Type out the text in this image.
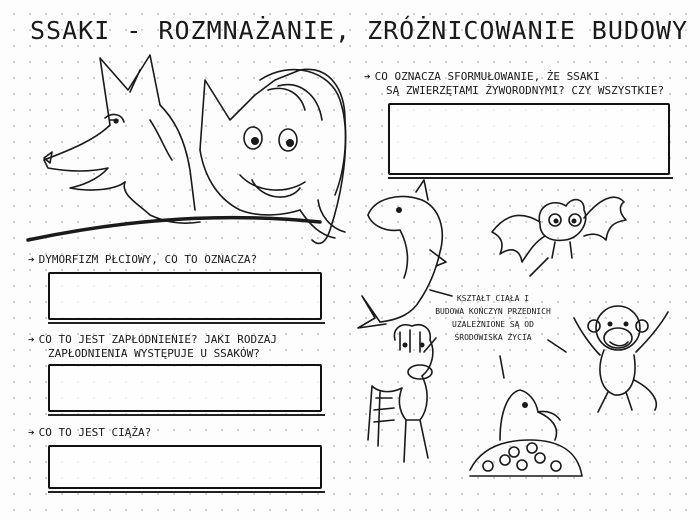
SSAKI - ROZMNAŻANIE, ZRÓŻNICOWANIE BUDOWY
➔ CO OZNACZA SFORMUŁOWANIE, ŻE SSAKI
SĄ ZWIERZĘTAMI ŻYWORODNYMI? CZY WSZYSTKIE?
➔ DYMORFIZM PŁCIOWY, CO TO OZNACZA?
➔ CO TO JEST ZAPŁODNIENIE? JAKI RODZAJ
ZAPŁODNIENIA WYSTĘPUJE U SSAKÓW?
➔ CO TO JEST CIĄŻA?
KSZTAŁT CIAŁA I
BUDOWA KOŃCZYN PRZEDNICH
UZALEŻNIONE SĄ OD
ŚRODOWISKA ŻYCIA
